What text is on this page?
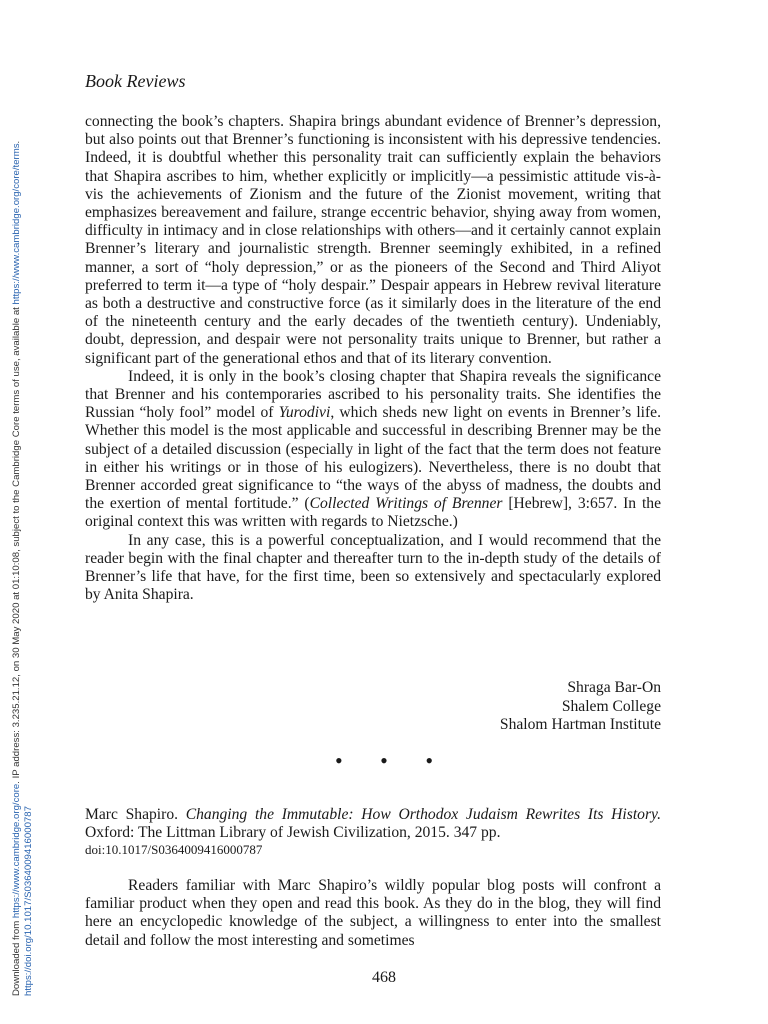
Downloaded from https://www.cambridge.org/core. IP address: 3.235.21.12, on 30 May 2020 at 01:10:08, subject to the Cambridge Core terms of use, available at https://www.cambridge.org/core/terms.
https://doi.org/10.1017/S0364009416000787
Book Reviews

connecting the book’s chapters. Shapira brings abundant evidence of Brenner’s depression, but also points out that Brenner’s functioning is inconsistent with his depressive tendencies. Indeed, it is doubtful whether this personality trait can sufficiently explain the behaviors that Shapira ascribes to him, whether explicitly or implicitly—a pessimistic attitude vis-à-vis the achievements of Zionism and the future of the Zionist movement, writing that emphasizes bereavement and failure, strange eccentric behavior, shying away from women, difficulty in intimacy and in close relationships with others—and it certainly cannot explain Brenner’s literary and journalistic strength. Brenner seemingly exhibited, in a refined manner, a sort of “holy depression,” or as the pioneers of the Second and Third Aliyot preferred to term it—a type of “holy despair.” Despair appears in Hebrew revival literature as both a destructive and constructive force (as it similarly does in the literature of the end of the nineteenth century and the early decades of the twentieth century). Undeniably, doubt, depression, and despair were not personality traits unique to Brenner, but rather a significant part of the generational ethos and that of its literary convention.

Indeed, it is only in the book’s closing chapter that Shapira reveals the significance that Brenner and his contemporaries ascribed to his personality traits. She identifies the Russian “holy fool” model of Yurodivi, which sheds new light on events in Brenner’s life. Whether this model is the most applicable and successful in describing Brenner may be the subject of a detailed discussion (especially in light of the fact that the term does not feature in either his writings or in those of his eulogizers). Nevertheless, there is no doubt that Brenner accorded great significance to “the ways of the abyss of madness, the doubts and the exertion of mental fortitude.” (Collected Writings of Brenner [Hebrew], 3:657. In the original context this was written with regards to Nietzsche.)

In any case, this is a powerful conceptualization, and I would recommend that the reader begin with the final chapter and thereafter turn to the in-depth study of the details of Brenner’s life that have, for the first time, been so extensively and spectacularly explored by Anita Shapira.

Shraga Bar-On
Shalem College
Shalom Hartman Institute
• • •
Marc Shapiro. Changing the Immutable: How Orthodox Judaism Rewrites Its History. Oxford: The Littman Library of Jewish Civilization, 2015. 347 pp.
doi:10.1017/S0364009416000787

Readers familiar with Marc Shapiro’s wildly popular blog posts will confront a familiar product when they open and read this book. As they do in the blog, they will find here an encyclopedic knowledge of the subject, a willingness to enter into the smallest detail and follow the most interesting and sometimes

468
